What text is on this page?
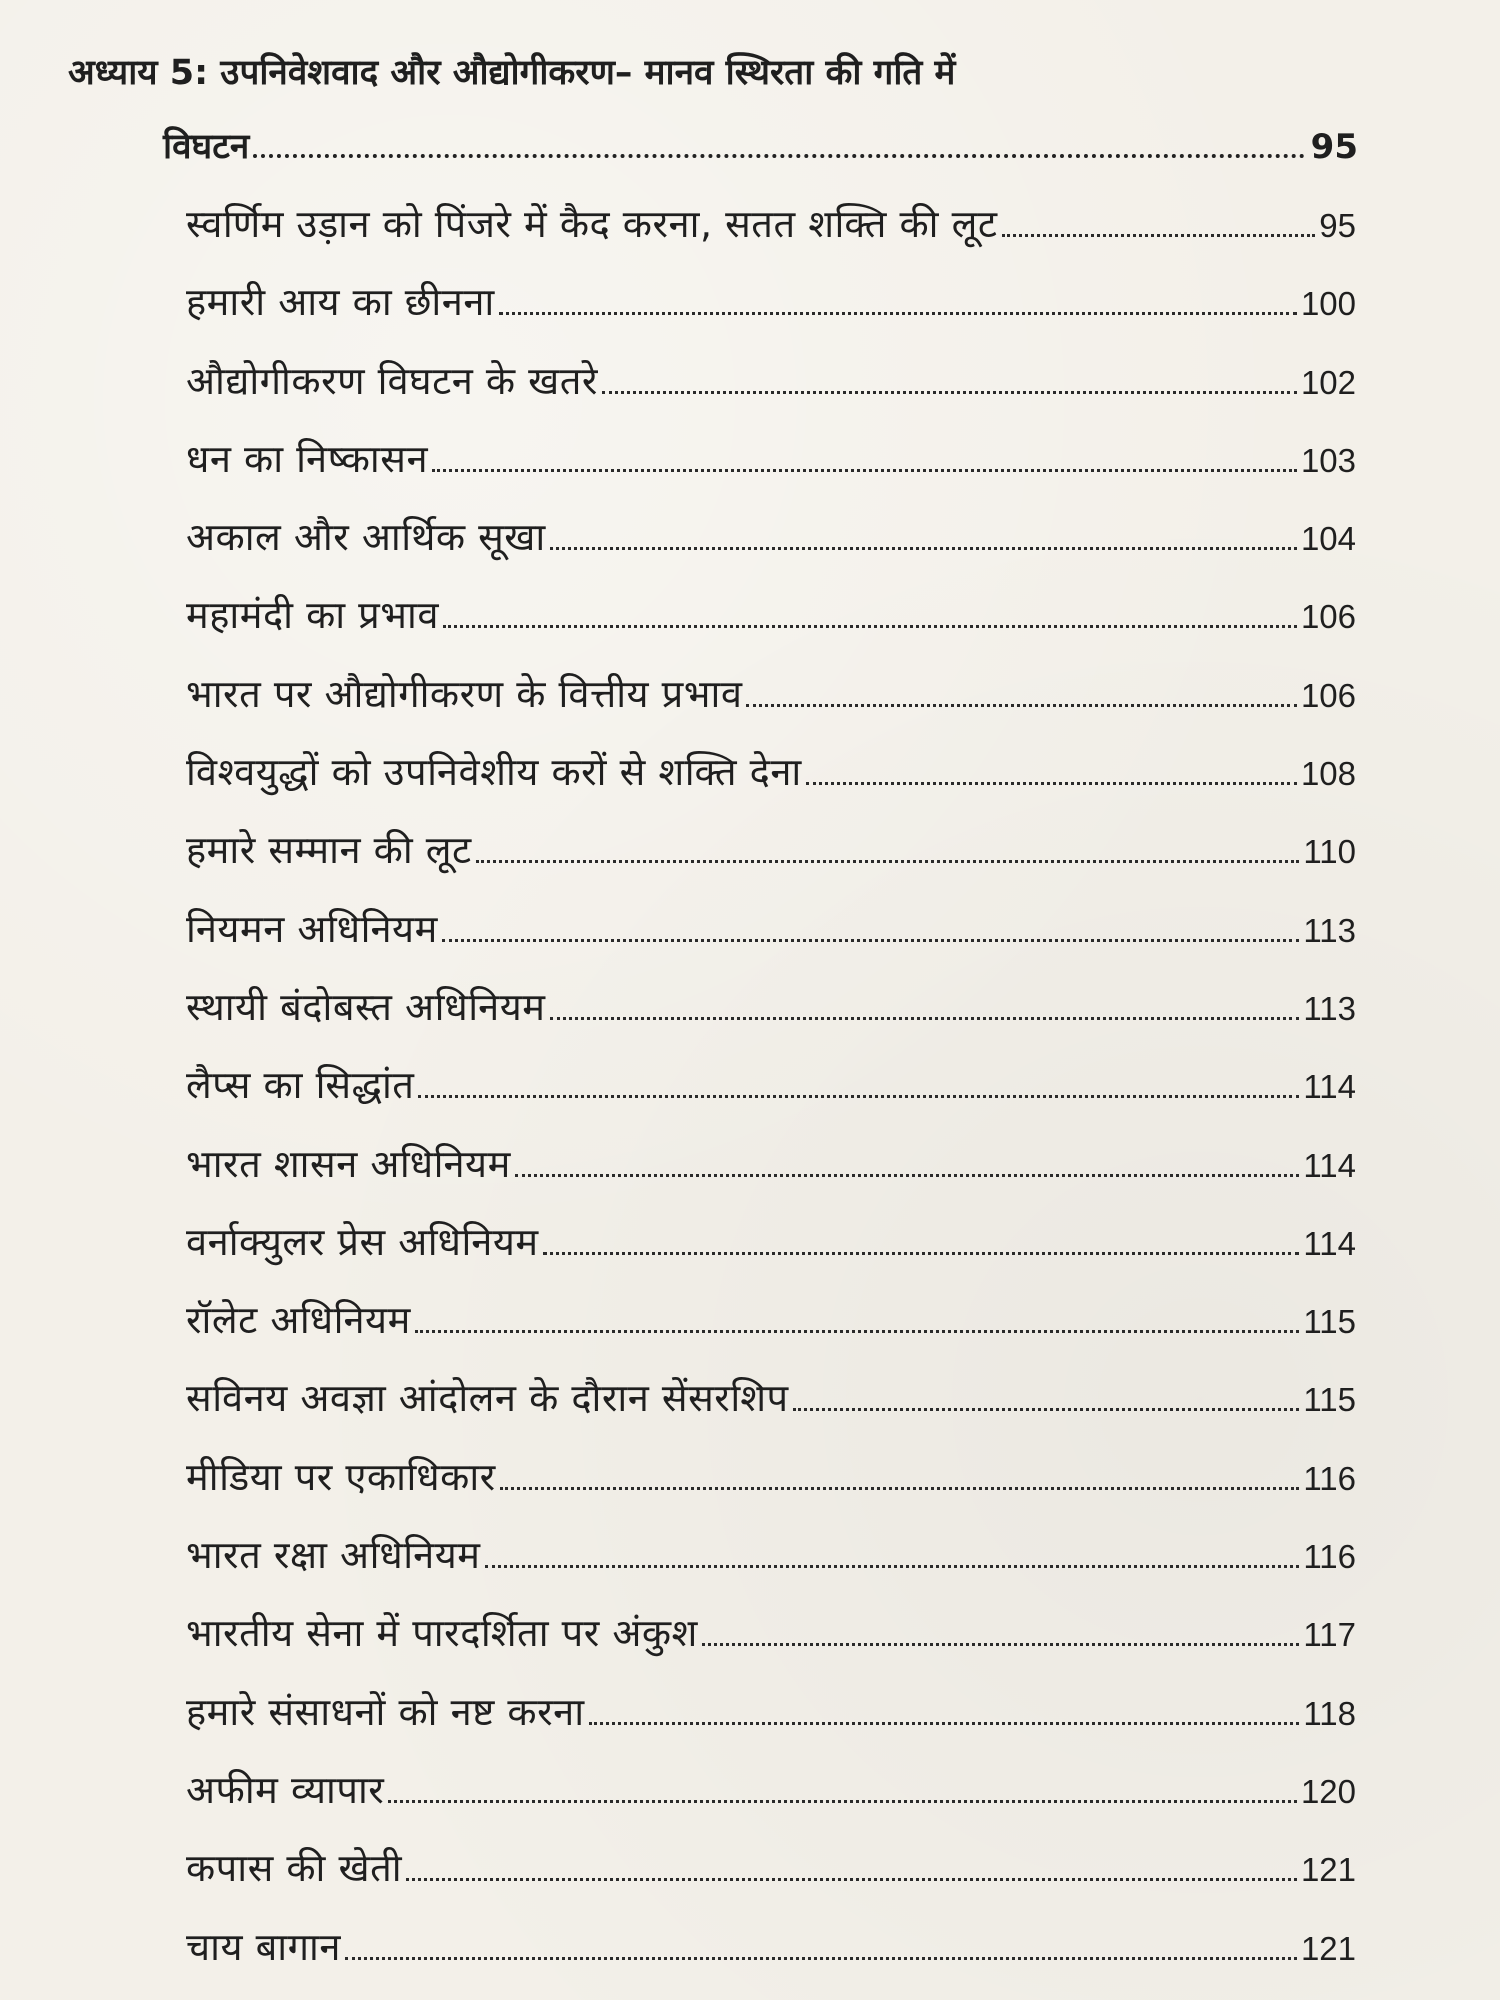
अध्याय 5: उपनिवेशवाद और औद्योगीकरण– मानव स्थिरता की गति में
विघटन	95
स्वर्णिम उड़ान को पिंजरे में कैद करना, सतत शक्ति की लूट	95
हमारी आय का छीनना	100
औद्योगीकरण विघटन के खतरे	102
धन का निष्कासन	103
अकाल और आर्थिक सूखा	104
महामंदी का प्रभाव	106
भारत पर औद्योगीकरण के वित्तीय प्रभाव	106
विश्वयुद्धों को उपनिवेशीय करों से शक्ति देना	108
हमारे सम्मान की लूट	110
नियमन अधिनियम	113
स्थायी बंदोबस्त अधिनियम	113
लैप्स का सिद्धांत	114
भारत शासन अधिनियम	114
वर्नाक्युलर प्रेस अधिनियम	114
रॉलेट अधिनियम	115
सविनय अवज्ञा आंदोलन के दौरान सेंसरशिप	115
मीडिया पर एकाधिकार	116
भारत रक्षा अधिनियम	116
भारतीय सेना में पारदर्शिता पर अंकुश	117
हमारे संसाधनों को नष्ट करना	118
अफीम व्यापार	120
कपास की खेती	121
चाय बागान	121
